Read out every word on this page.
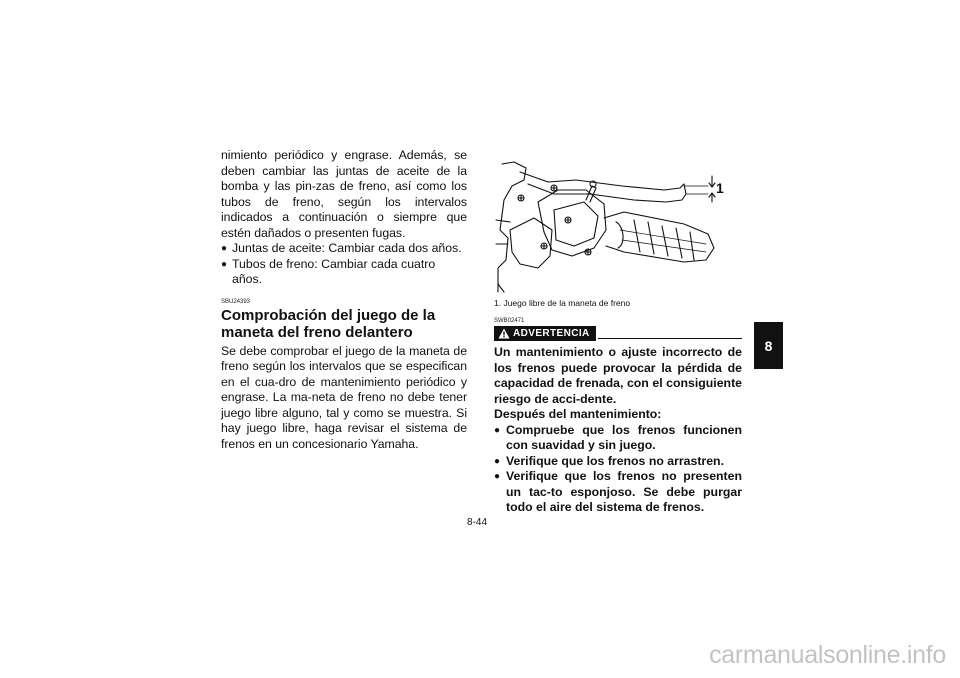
nimiento periódico y engrase. Además, se deben cambiar las juntas de aceite de la bomba y las pin-zas de freno, así como los tubos de freno, según los intervalos indicados a continuación o siempre que estén dañados o presenten fugas.

● Juntas de aceite: Cambiar cada dos años.
● Tubos de freno: Cambiar cada cuatro años.
SBU24393
Comprobación del juego de la maneta del freno delantero

Se debe comprobar el juego de la maneta de freno según los intervalos que se especifican en el cua-dro de mantenimiento periódico y engrase. La ma-neta de freno no debe tener juego libre alguno, tal y como se muestra. Si hay juego libre, haga revisar el sistema de frenos en un concesionario Yamaha.

1
1. Juego libre de la maneta de freno
SWB02471
ADVERTENCIA

Un mantenimiento o ajuste incorrecto de los frenos puede provocar la pérdida de capacidad de frenada, con el consiguiente riesgo de acci-dente.

Después del mantenimiento:

● Compruebe que los frenos funcionen con suavidad y sin juego.
● Verifique que los frenos no arrastren.
● Verifique que los frenos no presenten un tac-to esponjoso. Se debe purgar todo el aire del sistema de frenos.
8-44
8
carmanualsonline.info
